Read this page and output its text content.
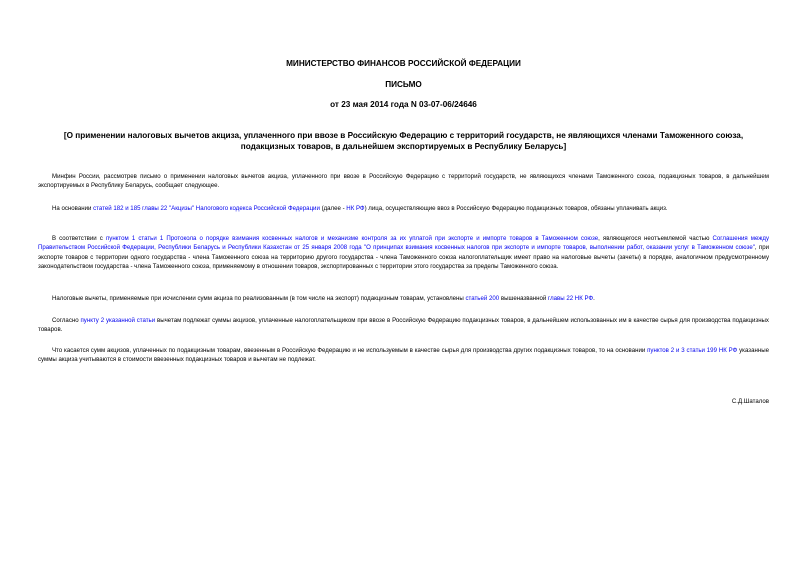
МИНИСТЕРСТВО ФИНАНСОВ РОССИЙСКОЙ ФЕДЕРАЦИИ
ПИСЬМО
от 23 мая 2014 года N 03-07-06/24646
[О применении налоговых вычетов акциза, уплаченного при ввозе в Российскую Федерацию с территорий государств, не являющихся членами Таможенного союза, подакцизных товаров, в дальнейшем экспортируемых в Республику Беларусь]
Минфин России, рассмотрев письмо о применении налоговых вычетов акциза, уплаченного при ввозе в Российскую Федерацию с территорий государств, не являющихся членами Таможенного союза, подакцизных товаров, в дальнейшем экспортируемых в Республику Беларусь, сообщает следующее.
На основании статей 182 и 185 главы 22 "Акцизы" Налогового кодекса Российской Федерации (далее - НК РФ) лица, осуществляющие ввоз в Российскую Федерацию подакцизных товаров, обязаны уплачивать акциз.
В соответствии с пунктом 1 статьи 1 Протокола о порядке взимания косвенных налогов и механизме контроля за их уплатой при экспорте и импорте товаров в Таможенном союзе, являющегося неотъемлемой частью Соглашения между Правительством Российской Федерации, Республики Беларусь и Республики Казахстан от 25 января 2008 года "О принципах взимания косвенных налогов при экспорте и импорте товаров, выполнении работ, оказании услуг в Таможенном союзе", при экспорте товаров с территории одного государства - члена Таможенного союза на территорию другого государства - члена Таможенного союза налогоплательщик имеет право на налоговые вычеты (зачеты) в порядке, аналогичном предусмотренному законодательством государства - члена Таможенного союза, применяемому в отношении товаров, экспортированных с территории этого государства за пределы Таможенного союза.
Налоговые вычеты, применяемые при исчислении сумм акциза по реализованным (в том числе на экспорт) подакцизным товарам, установлены статьей 200 вышеназванной главы 22 НК РФ.
Согласно пункту 2 указанной статьи вычетам подлежат суммы акцизов, уплаченные налогоплательщиком при ввозе в Российскую Федерацию подакцизных товаров, в дальнейшем использованных им в качестве сырья для производства подакцизных товаров.
Что касается сумм акцизов, уплаченных по подакцизным товарам, ввезенным в Российскую Федерацию и не используемым в качестве сырья для производства других подакцизных товаров, то на основании пунктов 2 и 3 статьи 199 НК РФ указанные суммы акциза учитываются в стоимости ввезенных подакцизных товаров и вычетам не подлежат.
С.Д.Шаталов
